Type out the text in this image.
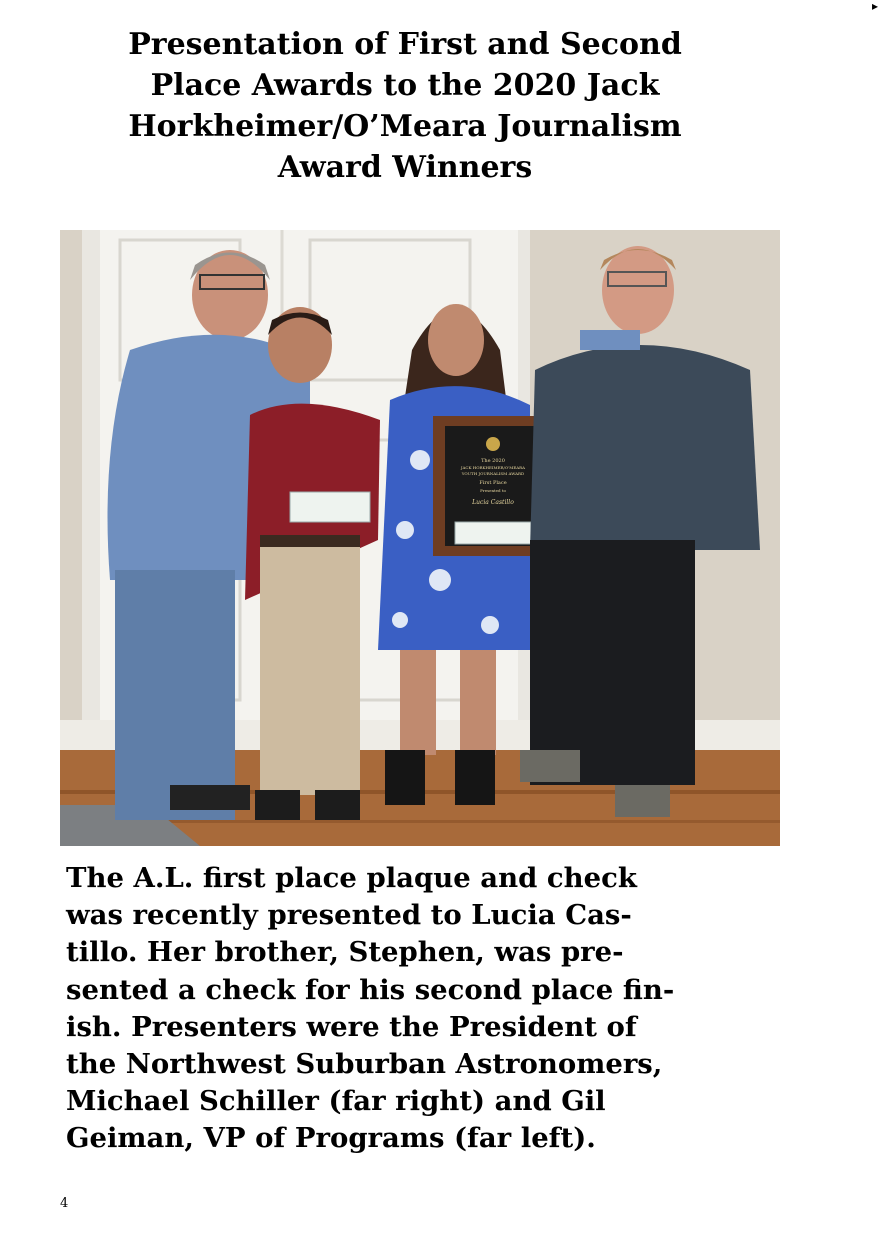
▸
Presentation of First and Second
Place Awards to the 2020 Jack
Horkheimer/O’Meara Journalism
Award Winners
The 2020
JACK HORKHEIMER/O'MEARA
YOUTH JOURNALISM AWARD
First Place
Presented to
Lucia Castillo
The A.L. first place plaque and check
was recently presented to Lucia Cas-
tillo. Her brother, Stephen, was pre-
sented a check for his second place fin-
ish. Presenters were the President of
the Northwest Suburban Astronomers,
Michael Schiller (far right) and Gil
Geiman, VP of Programs (far left).
4
